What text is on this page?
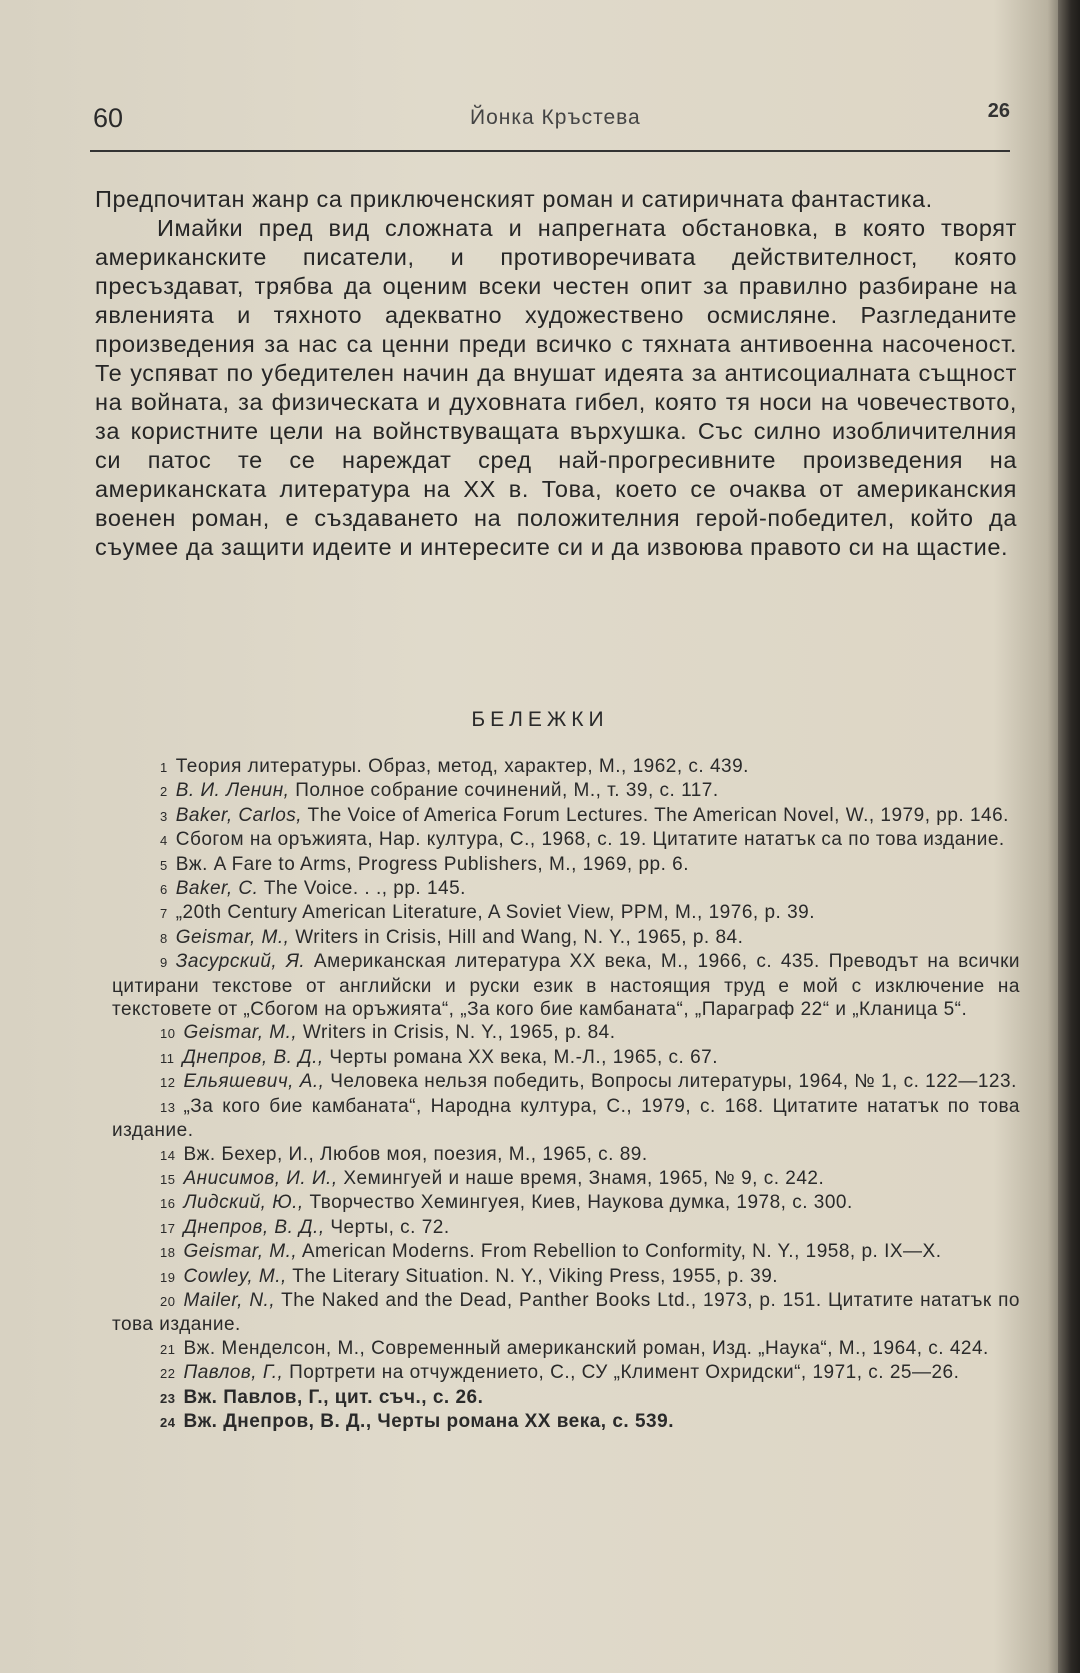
60	Йонка Кръстева	26

Предпочитан жанр са приключенският роман и сатиричната фантастика.

Имайки пред вид сложната и напрегната обстановка, в която творят американските писатели, и противоречивата действителност, която пресъздават, трябва да оценим всеки честен опит за правилно разбиране на явленията и тяхното адекватно художествено осмисляне. Разгледаните произведения за нас са ценни преди всичко с тяхната антивоенна насоченост. Те успяват по убедителен начин да внушат идеята за антисоциалната същност на войната, за физическата и духовната гибел, която тя носи на човечеството, за користните цели на войнствуващата върхушка. Със силно изобличителния си патос те се нареждат сред най-прогресивните произведения на американската литература на XX в. Това, което се очаква от американския военен роман, е създаването на положителния герой-победител, който да съумее да защити идеите и интересите си и да извоюва правото си на щастие.

БЕЛЕЖКИ

1 Теория литературы. Образ, метод, характер, М., 1962, с. 439.

2 В. И. Ленин, Полное собрание сочинений, М., т. 39, с. 117.

3 Baker, Carlos, The Voice of America Forum Lectures. The American Novel, W., 1979, pp. 146.

4 Сбогом на оръжията, Нар. култура, С., 1968, с. 19. Цитатите нататък са по това издание.

5 Вж. A Fare to Arms, Progress Publishers, M., 1969, pp. 6.

6 Baker, C. The Voice. . ., pp. 145.

7 „20th Century American Literature, A Soviet View, PPM, M., 1976, p. 39.

8 Geismar, M., Writers in Crisis, Hill and Wang, N. Y., 1965, p. 84.

9 Засурский, Я. Американская литература XX века, М., 1966, с. 435. Преводът на всички цитирани текстове от английски и руски език в настоящия труд е мой с изключение на текстовете от „Сбогом на оръжията“, „За кого бие камбаната“, „Параграф 22“ и „Кланица 5“.

10 Geismar, M., Writers in Crisis, N. Y., 1965, p. 84.

11 Днепров, В. Д., Черты романа XX века, М.-Л., 1965, с. 67.

12 Ельяшевич, А., Человека нельзя победить, Вопросы литературы, 1964, № 1, с. 122—123.

13 „За кого бие камбаната“, Народна култура, С., 1979, с. 168. Цитатите нататък по това издание.

14 Вж. Бехер, И., Любов моя, поезия, М., 1965, с. 89.

15 Анисимов, И. И., Хемингуей и наше время, Знамя, 1965, № 9, с. 242.

16 Лидский, Ю., Творчество Хемингуея, Киев, Наукова думка, 1978, с. 300.

17 Днепров, В. Д., Черты, с. 72.

18 Geismar, M., American Moderns. From Rebellion to Conformity, N. Y., 1958, p. IX—X.

19 Cowley, M., The Literary Situation. N. Y., Viking Press, 1955, p. 39.

20 Mailer, N., The Naked and the Dead, Panther Books Ltd., 1973, p. 151. Цитатите нататък по това издание.

21 Вж. Менделсон, М., Современный американский роман, Изд. „Наука“, М., 1964, с. 424.

22 Павлов, Г., Портрети на отчуждението, С., СУ „Климент Охридски“, 1971, с. 25—26.

23 Вж. Павлов, Г., цит. съч., с. 26.

24 Вж. Днепров, В. Д., Черты романа XX века, с. 539.
